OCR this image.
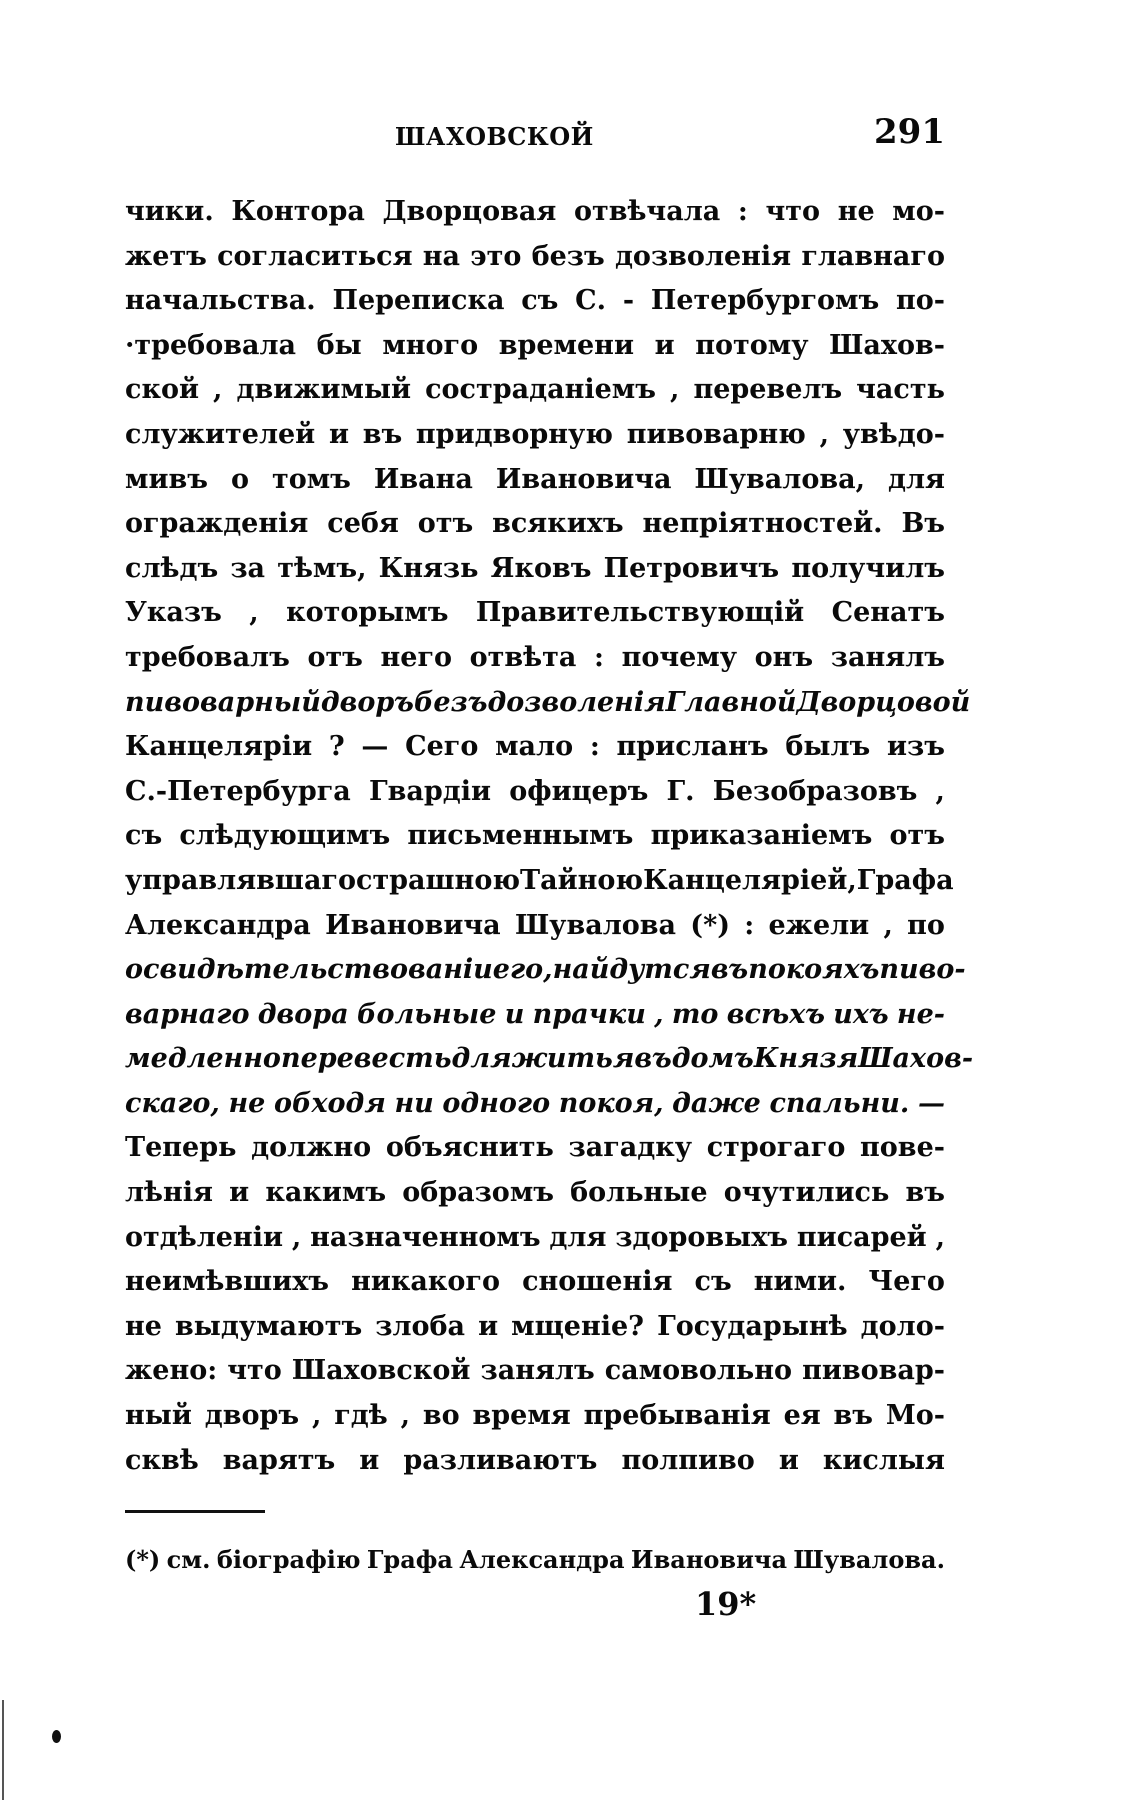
ШАХОВСКОЙ	291
чики. Контора Дворцовая отвѣчала : что не мо-
жетъ согласиться на это безъ дозволенія главнаго
начальства. Переписка съ С. - Петербургомъ по-
·требовала бы много времени и потому Шахов-
ской , движимый состраданіемъ , перевелъ часть
служителей и въ придворную пивоварню , увѣдо-
мивъ о томъ Ивана Ивановича Шувалова, для
огражденія себя отъ всякихъ непріятностей. Въ
слѣдъ за тѣмъ, Князь Яковъ Петровичъ получилъ
Указъ , которымъ Правительствующій Сенатъ
требовалъ отъ него отвѣта : почему онъ занялъ
пивоварный дворъ безъ дозволенія Главной Дворцовой
Канцеляріи ? — Сего мало : присланъ былъ изъ
С.-Петербурга Гвардіи офицеръ Г. Безобразовъ ,
съ слѣдующимъ письменнымъ приказаніемъ отъ
управлявшаго страшною Тайною Канцеляріей, Графа
Александра Ивановича Шувалова (*) : ежели , по
освидѣтельствованіи его, найдутся въ покояхъ пиво-
варнаго двора больные и прачки , то всѣхъ ихъ не-
медленно перевесть для житья въ домъ Князя Шахов-
скаго, не обходя ни одного покоя, даже спальни. —
Теперь должно объяснить загадку строгаго пове-
лѣнія и какимъ образомъ больные очутились въ
отдѣленіи , назначенномъ для здоровыхъ писарей ,
неимѣвшихъ никакого сношенія съ ними. Чего
не выдумаютъ злоба и мщеніе? Государынѣ доло-
жено: что Шаховской занялъ самовольно пивовар-
ный дворъ , гдѣ , во время пребыванія ея въ Мо-
сквѣ варятъ и разливаютъ полпиво и кислыя
(*) см. біографію Графа Александра Ивановича Шувалова.
19*
